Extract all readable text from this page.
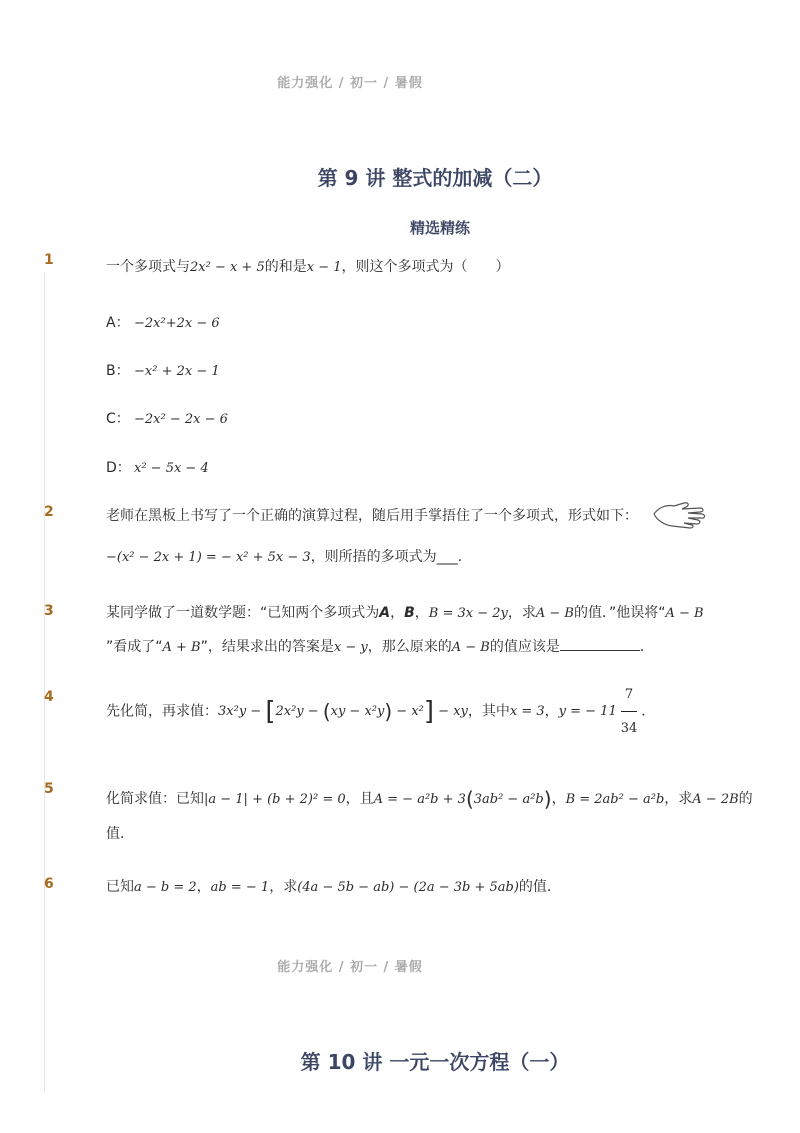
能力强化 / 初一 / 暑假
第 9 讲 整式的加减（二）
精选精练
1	一个多项式与2x² − x + 5的和是x − 1，则这个多项式为（　　）
A： −2x²+2x − 6
B： −x² + 2x − 1
C： −2x² − 2x − 6
D： x² − 5x − 4
2	老师在黑板上书写了一个正确的演算过程，随后用手掌捂住了一个多项式，形式如下：
−(x² − 2x + 1) = − x² + 5x − 3，则所捂的多项式为___.
3	某同学做了一道数学题：“已知两个多项式为A，B，B = 3x − 2y，求A − B的值．”他误将“A − B
”看成了“A + B”，结果求出的答案是x − y，那么原来的A − B的值应该是	．
4
先化简，再求值：3x²y − [2x²y − (xy − x²y) − x²] − xy，其中x = 3，y = − $11 \frac{7}{34}$ ．
5
化简求值：已知|a − 1| + (b + 2)² = 0，且A = − a²b + 3(3ab² − a²b)，B = 2ab² − a²b，求A − 2B的
值．
6	已知a − b = 2，ab = − 1，求(4a − 5b − ab) − (2a − 3b + 5ab)的值．
能力强化 / 初一 / 暑假
第 10 讲 一元一次方程（一）
